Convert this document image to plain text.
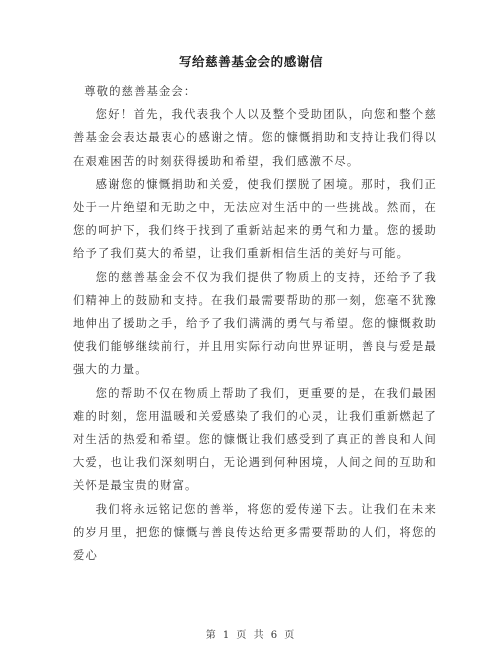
写给慈善基金会的感谢信

尊敬的慈善基金会：

您好！首先，我代表我个人以及整个受助团队，向您和整个慈善基金会表达最衷心的感谢之情。您的慷慨捐助和支持让我们得以在艰难困苦的时刻获得援助和希望，我们感激不尽。

感谢您的慷慨捐助和关爱，使我们摆脱了困境。那时，我们正处于一片绝望和无助之中，无法应对生活中的一些挑战。然而，在您的呵护下，我们终于找到了重新站起来的勇气和力量。您的援助给予了我们莫大的希望，让我们重新相信生活的美好与可能。

您的慈善基金会不仅为我们提供了物质上的支持，还给予了我们精神上的鼓励和支持。在我们最需要帮助的那一刻，您毫不犹豫地伸出了援助之手，给予了我们满满的勇气与希望。您的慷慨救助使我们能够继续前行，并且用实际行动向世界证明，善良与爱是最强大的力量。

您的帮助不仅在物质上帮助了我们，更重要的是，在我们最困难的时刻，您用温暖和关爱感染了我们的心灵，让我们重新燃起了对生活的热爱和希望。您的慷慨让我们感受到了真正的善良和人间大爱，也让我们深刻明白，无论遇到何种困境，人间之间的互助和关怀是最宝贵的财富。

我们将永远铭记您的善举，将您的爱传递下去。让我们在未来的岁月里，把您的慷慨与善良传达给更多需要帮助的人们，将您的爱心

第 1 页 共 6 页
